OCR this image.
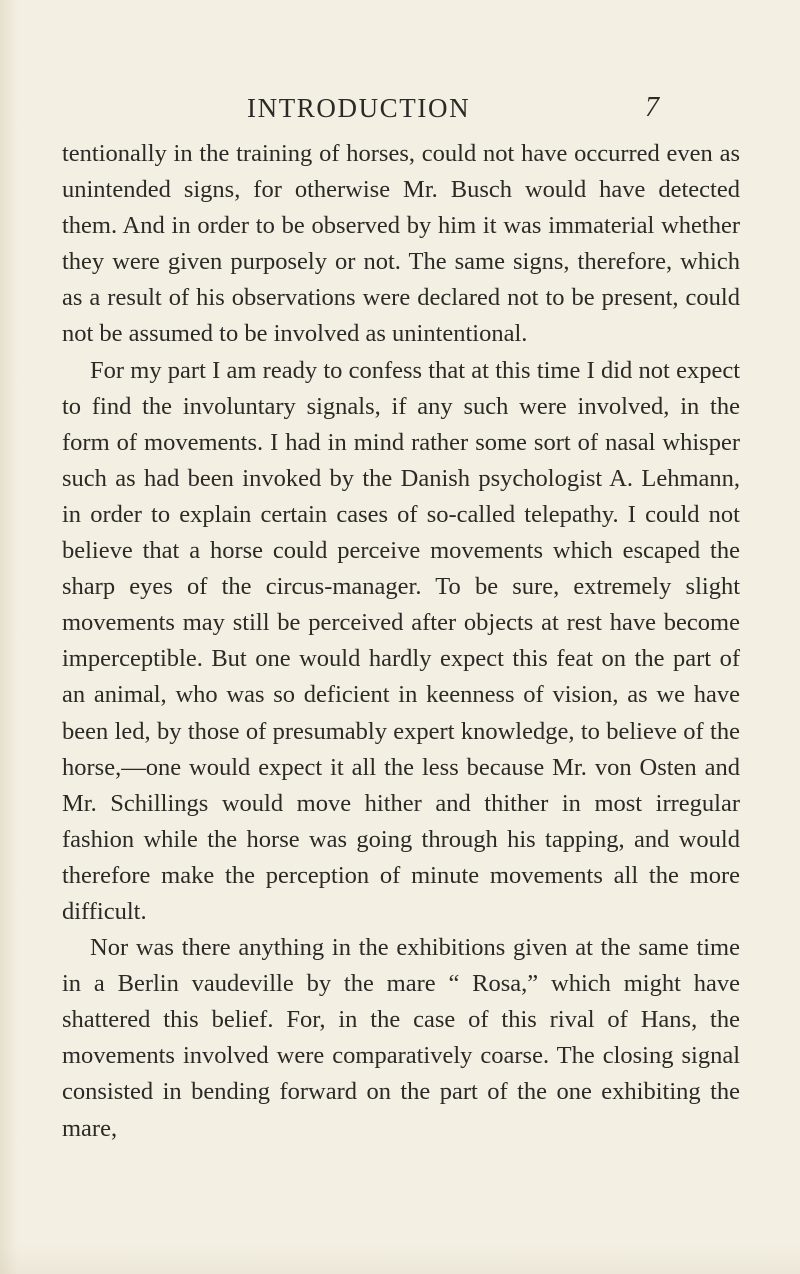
INTRODUCTION	7

tentionally in the training of horses, could not have occurred even as unintended signs, for otherwise Mr. Busch would have detected them. And in order to be observed by him it was immaterial whether they were given purposely or not. The same signs, therefore, which as a result of his observations were declared not to be present, could not be assumed to be involved as unintentional.

For my part I am ready to confess that at this time I did not expect to find the involuntary signals, if any such were involved, in the form of movements. I had in mind rather some sort of nasal whisper such as had been invoked by the Danish psychologist A. Lehmann, in order to explain certain cases of so-called telepathy. I could not believe that a horse could perceive movements which escaped the sharp eyes of the circus-manager. To be sure, extremely slight movements may still be perceived after objects at rest have become imperceptible. But one would hardly expect this feat on the part of an animal, who was so deficient in keenness of vision, as we have been led, by those of presumably expert knowledge, to believe of the horse,—one would expect it all the less because Mr. von Osten and Mr. Schillings would move hither and thither in most irregular fashion while the horse was going through his tapping, and would therefore make the perception of minute movements all the more difficult.

Nor was there anything in the exhibitions given at the same time in a Berlin vaudeville by the mare “ Rosa,” which might have shattered this belief. For, in the case of this rival of Hans, the movements involved were comparatively coarse. The closing signal consisted in bending forward on the part of the one exhibiting the mare,
